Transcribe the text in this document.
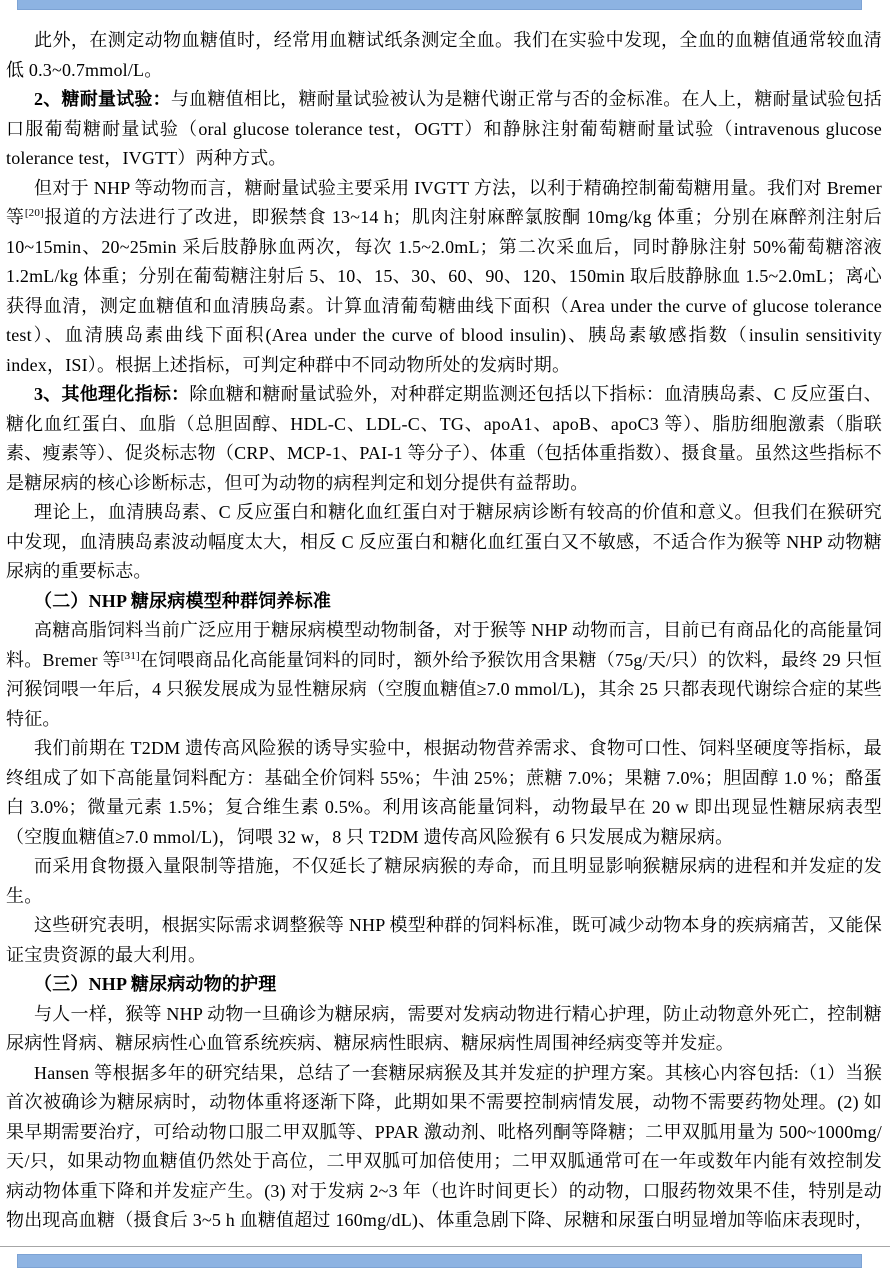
此外，在测定动物血糖值时，经常用血糖试纸条测定全血。我们在实验中发现，全血的血糖值通常较血清低 0.3~0.7mmol/L。

2、糖耐量试验：与血糖值相比，糖耐量试验被认为是糖代谢正常与否的金标准。在人上，糖耐量试验包括口服葡萄糖耐量试验（oral glucose tolerance test，OGTT）和静脉注射葡萄糖耐量试验（intravenous glucose tolerance test，IVGTT）两种方式。

但对于 NHP 等动物而言，糖耐量试验主要采用 IVGTT 方法，以利于精确控制葡萄糖用量。我们对 Bremer 等[20]报道的方法进行了改进，即猴禁食 13~14 h；肌肉注射麻醉氯胺酮 10mg/kg 体重；分别在麻醉剂注射后 10~15min、20~25min 采后肢静脉血两次，每次 1.5~2.0mL；第二次采血后，同时静脉注射 50%葡萄糖溶液 1.2mL/kg 体重；分别在葡萄糖注射后 5、10、15、30、60、90、120、150min 取后肢静脉血 1.5~2.0mL；离心获得血清，测定血糖值和血清胰岛素。计算血清葡萄糖曲线下面积（Area under the curve of glucose tolerance test）、血清胰岛素曲线下面积(Area under the curve of blood insulin)、胰岛素敏感指数（insulin sensitivity index，ISI）。根据上述指标，可判定种群中不同动物所处的发病时期。

3、其他理化指标：除血糖和糖耐量试验外，对种群定期监测还包括以下指标：血清胰岛素、C 反应蛋白、糖化血红蛋白、血脂（总胆固醇、HDL-C、LDL-C、TG、apoA1、apoB、apoC3 等）、脂肪细胞激素（脂联素、瘦素等）、促炎标志物（CRP、MCP-1、PAI-1 等分子）、体重（包括体重指数）、摄食量。虽然这些指标不是糖尿病的核心诊断标志，但可为动物的病程判定和划分提供有益帮助。

理论上，血清胰岛素、C 反应蛋白和糖化血红蛋白对于糖尿病诊断有较高的价值和意义。但我们在猴研究中发现，血清胰岛素波动幅度太大，相反 C 反应蛋白和糖化血红蛋白又不敏感，不适合作为猴等 NHP 动物糖尿病的重要标志。

（二）NHP 糖尿病模型种群饲养标准

高糖高脂饲料当前广泛应用于糖尿病模型动物制备，对于猴等 NHP 动物而言，目前已有商品化的高能量饲料。Bremer 等[31]在饲喂商品化高能量饲料的同时，额外给予猴饮用含果糖（75g/天/只）的饮料，最终 29 只恒河猴饲喂一年后，4 只猴发展成为显性糖尿病（空腹血糖值≥7.0 mmol/L)，其余 25 只都表现代谢综合症的某些特征。

我们前期在 T2DM 遗传高风险猴的诱导实验中，根据动物营养需求、食物可口性、饲料坚硬度等指标，最终组成了如下高能量饲料配方：基础全价饲料 55%；牛油 25%；蔗糖 7.0%；果糖 7.0%；胆固醇 1.0 %；酪蛋白 3.0%；微量元素 1.5%；复合维生素 0.5%。利用该高能量饲料，动物最早在 20 w 即出现显性糖尿病表型（空腹血糖值≥7.0 mmol/L)，饲喂 32 w，8 只 T2DM 遗传高风险猴有 6 只发展成为糖尿病。

而采用食物摄入量限制等措施，不仅延长了糖尿病猴的寿命，而且明显影响猴糖尿病的进程和并发症的发生。

这些研究表明，根据实际需求调整猴等 NHP 模型种群的饲料标准，既可减少动物本身的疾病痛苦，又能保证宝贵资源的最大利用。

（三）NHP 糖尿病动物的护理

与人一样，猴等 NHP 动物一旦确诊为糖尿病，需要对发病动物进行精心护理，防止动物意外死亡，控制糖尿病性肾病、糖尿病性心血管系统疾病、糖尿病性眼病、糖尿病性周围神经病变等并发症。

Hansen 等根据多年的研究结果，总结了一套糖尿病猴及其并发症的护理方案。其核心内容包括:（1）当猴首次被确诊为糖尿病时，动物体重将逐渐下降，此期如果不需要控制病情发展，动物不需要药物处理。(2) 如果早期需要治疗，可给动物口服二甲双胍等、PPAR 激动剂、吡格列酮等降糖；二甲双胍用量为 500~1000mg/天/只，如果动物血糖值仍然处于高位，二甲双胍可加倍使用；二甲双胍通常可在一年或数年内能有效控制发病动物体重下降和并发症产生。(3) 对于发病 2~3 年（也许时间更长）的动物，口服药物效果不佳，特别是动物出现高血糖（摄食后 3~5 h 血糖值超过 160mg/dL)、体重急剧下降、尿糖和尿蛋白明显增加等临床表现时，
